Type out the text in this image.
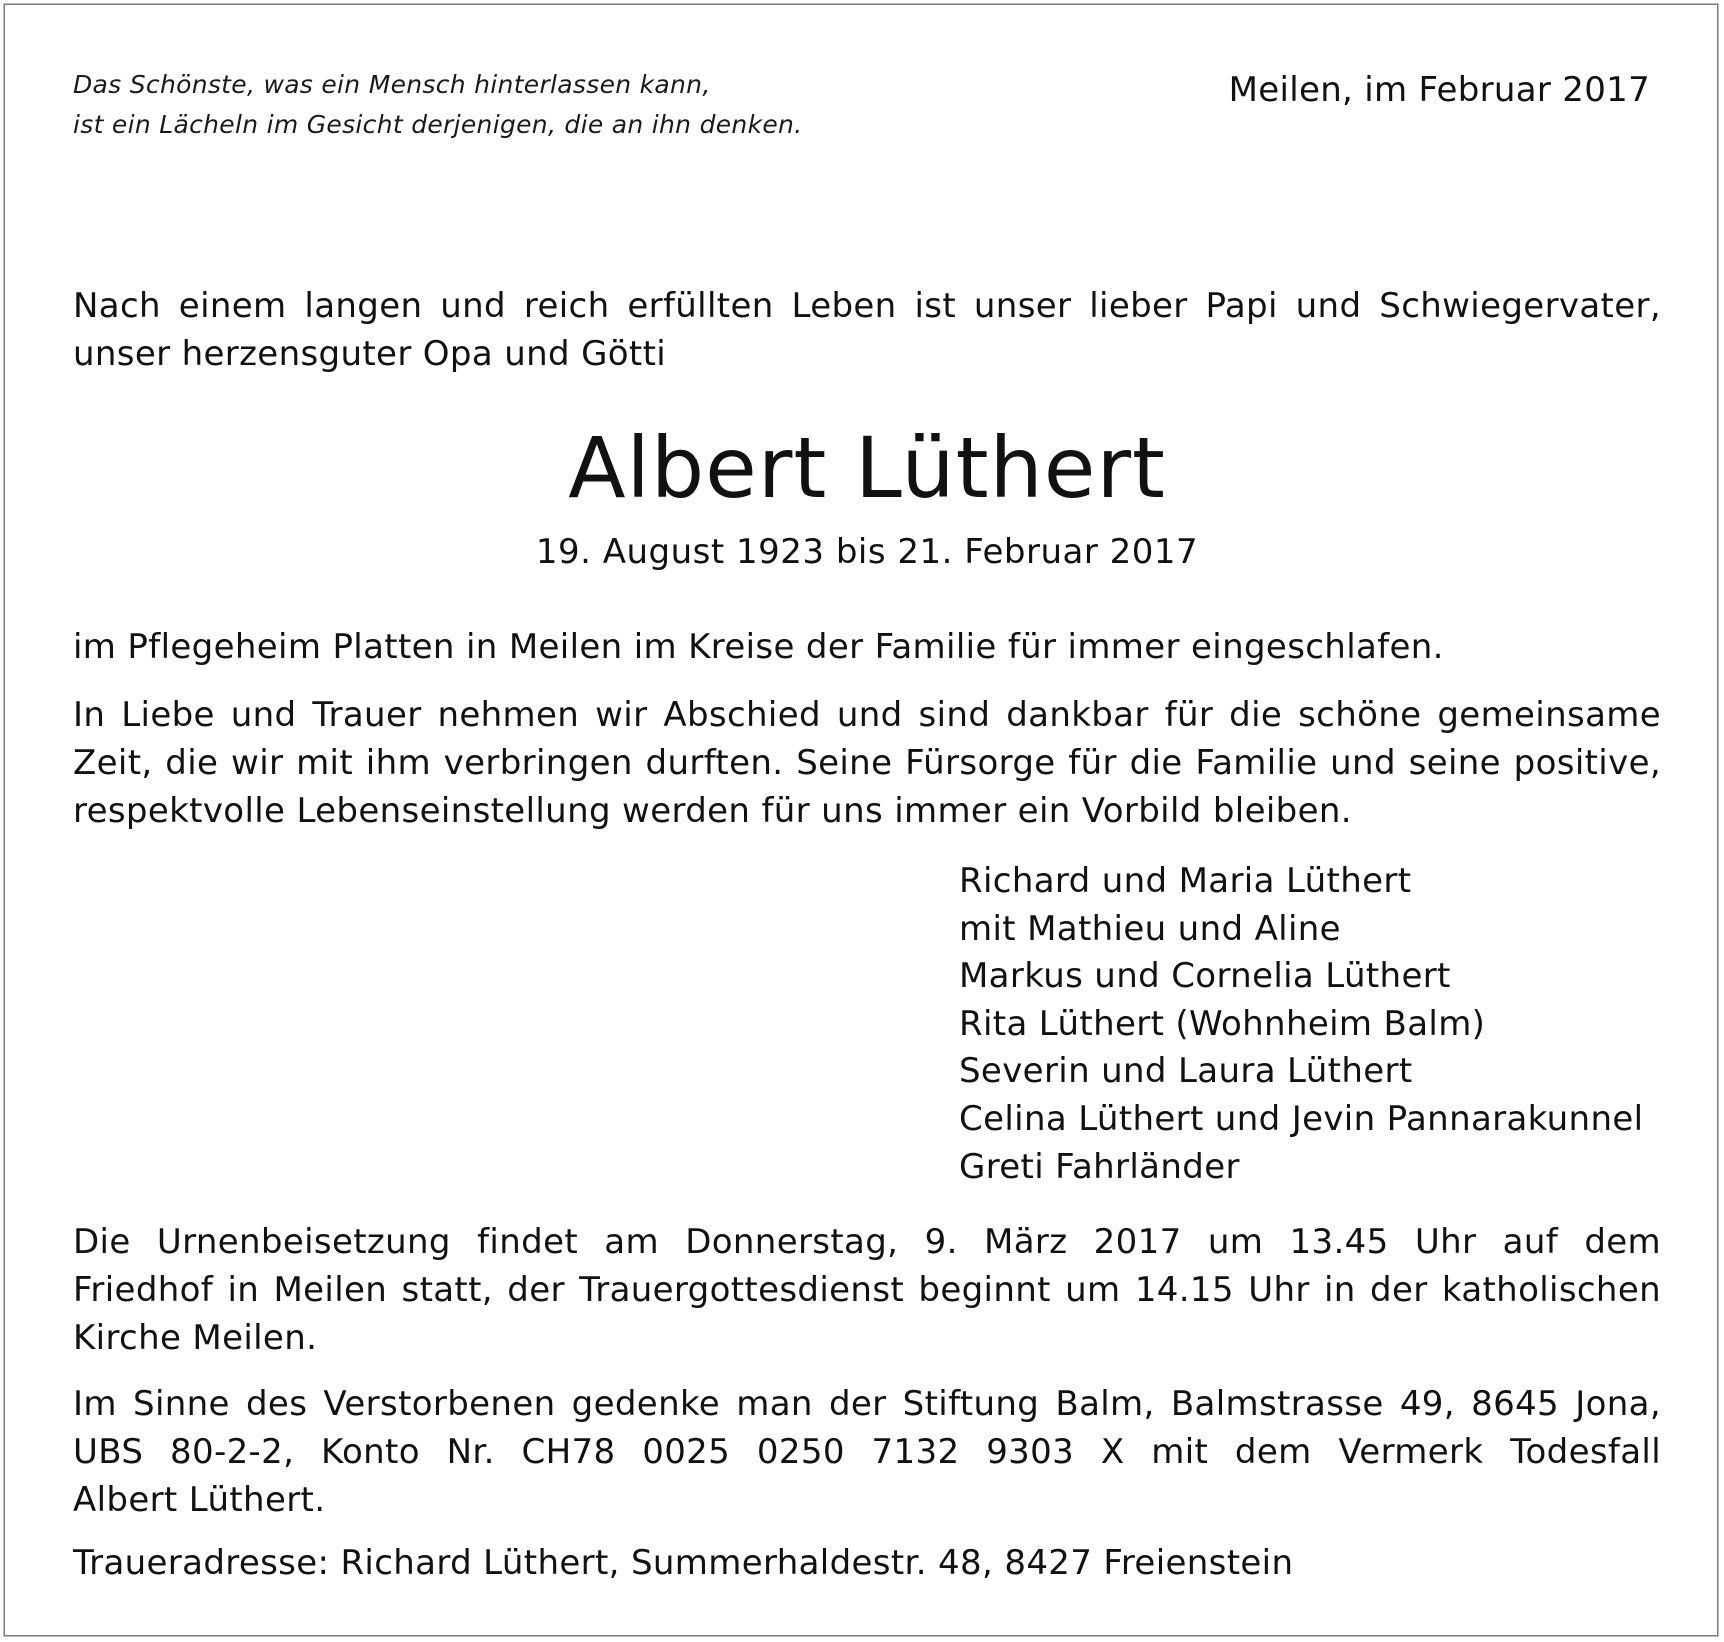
Das Schönste, was ein Mensch hinterlassen kann,
ist ein Lächeln im Gesicht derjenigen, die an ihn denken.
Meilen, im Februar 2017
Nach einem langen und reich erfüllten Leben ist unser lieber Papi und Schwiegervater,
unser herzensguter Opa und Götti
Albert Lüthert
19. August 1923 bis 21. Februar 2017
im Pflegeheim Platten in Meilen im Kreise der Familie für immer eingeschlafen.
In Liebe und Trauer nehmen wir Abschied und sind dankbar für die schöne gemeinsame
Zeit, die wir mit ihm verbringen durften. Seine Fürsorge für die Familie und seine positive,
respektvolle Lebenseinstellung werden für uns immer ein Vorbild bleiben.
Richard und Maria Lüthert
mit Mathieu und Aline
Markus und Cornelia Lüthert
Rita Lüthert (Wohnheim Balm)
Severin und Laura Lüthert
Celina Lüthert und Jevin Pannarakunnel
Greti Fahrländer
Die Urnenbeisetzung findet am Donnerstag, 9. März 2017 um 13.45 Uhr auf dem
Friedhof in Meilen statt, der Trauergottesdienst beginnt um 14.15 Uhr in der katholischen
Kirche Meilen.
Im Sinne des Verstorbenen gedenke man der Stiftung Balm, Balmstrasse 49, 8645 Jona,
UBS 80-2-2, Konto Nr. CH78 0025 0250 7132 9303 X mit dem Vermerk Todesfall
Albert Lüthert.
Traueradresse: Richard Lüthert, Summerhaldestr. 48, 8427 Freienstein
